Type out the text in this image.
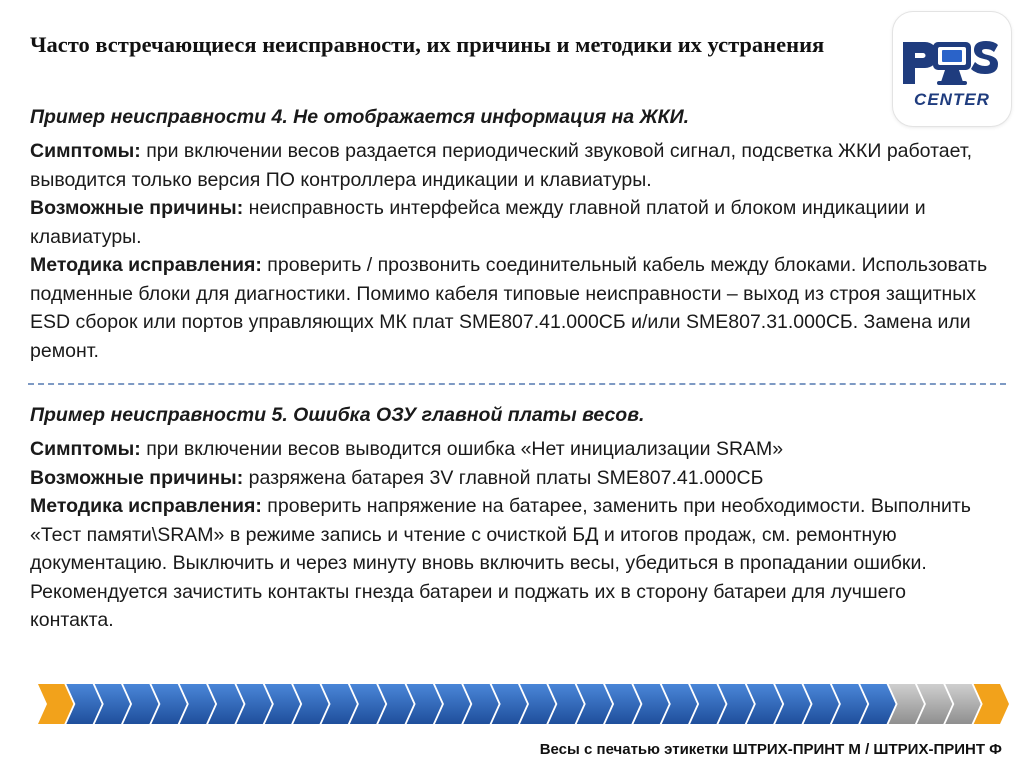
Часто встречающиеся неисправности, их причины и методики их устранения
CENTER
Пример неисправности 4. Не отображается информация на ЖКИ.

Симптомы: при включении весов раздается периодический звуковой сигнал, подсветка ЖКИ работает, выводится только версия ПО контроллера индикации и клавиатуры.
Возможные причины: неисправность интерфейса между главной платой и блоком индикациии и клавиатуры.
Методика исправления: проверить / прозвонить соединительный кабель между блоками. Использовать подменные блоки для диагностики. Помимо кабеля типовые неисправности – выход из строя защитных ESD сборок или портов управляющих МК плат SME807.41.000СБ и/или SME807.31.000СБ. Замена или ремонт.

Пример неисправности 5. Ошибка ОЗУ главной платы весов.

Симптомы: при включении весов выводится ошибка «Нет инициализации SRAM»
Возможные причины: разряжена батарея 3V главной платы SME807.41.000СБ
Методика исправления: проверить напряжение на батарее, заменить при необходимости. Выполнить «Тест памяти\SRAM» в режиме запись и чтение с очисткой БД и итогов продаж, см. ремонтную документацию. Выключить и через минуту вновь включить весы, убедиться в пропадании ошибки. Рекомендуется зачистить контакты гнезда батареи и поджать их в сторону батареи для лучшего контакта.

Весы с печатью этикетки ШТРИХ-ПРИНТ М / ШТРИХ-ПРИНТ Ф
